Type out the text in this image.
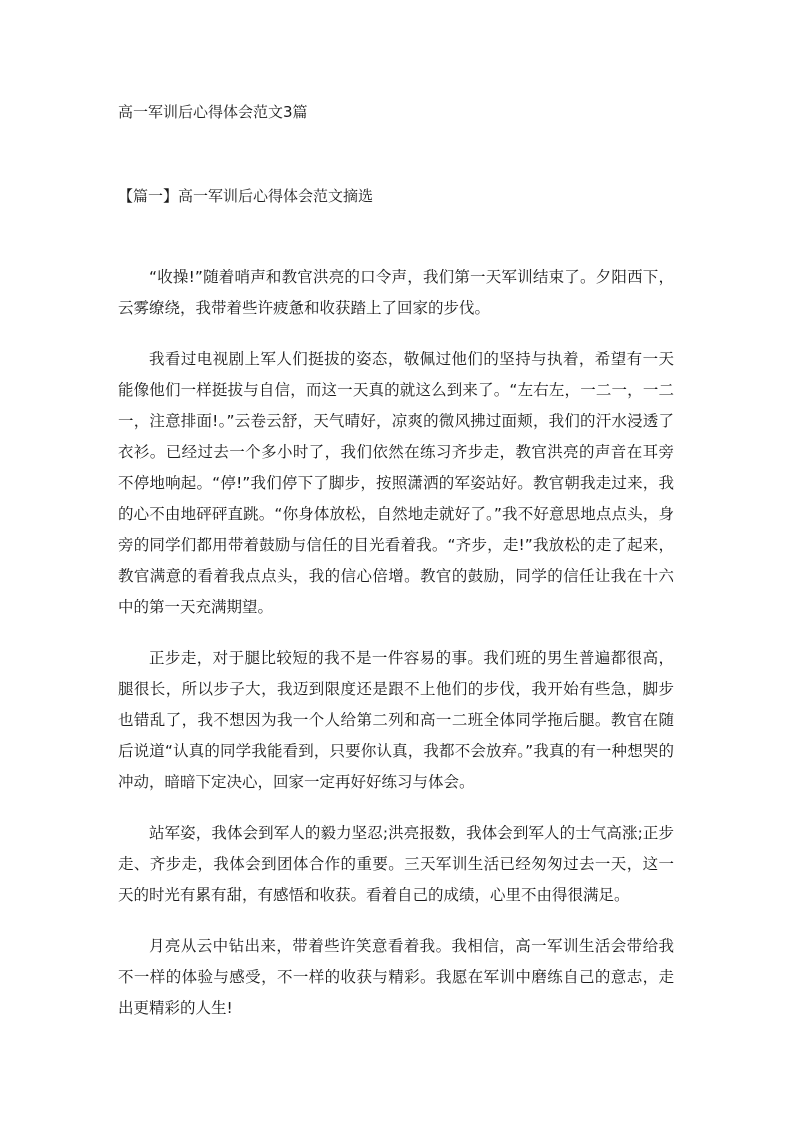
高一军训后心得体会范文3篇
【篇一】高一军训后心得体会范文摘选

“收操!”随着哨声和教官洪亮的口令声，我们第一天军训结束了。夕阳西下，云雾缭绕，我带着些许疲惫和收获踏上了回家的步伐。

我看过电视剧上军人们挺拔的姿态，敬佩过他们的坚持与执着，希望有一天能像他们一样挺拔与自信，而这一天真的就这么到来了。“左右左，一二一，一二一，注意排面!。”云卷云舒，天气晴好，凉爽的微风拂过面颊，我们的汗水浸透了衣衫。已经过去一个多小时了，我们依然在练习齐步走，教官洪亮的声音在耳旁不停地响起。“停!”我们停下了脚步，按照潇洒的军姿站好。教官朝我走过来，我的心不由地砰砰直跳。“你身体放松，自然地走就好了。”我不好意思地点点头，身旁的同学们都用带着鼓励与信任的目光看着我。“齐步，走!”我放松的走了起来，教官满意的看着我点点头，我的信心倍增。教官的鼓励，同学的信任让我在十六中的第一天充满期望。

正步走，对于腿比较短的我不是一件容易的事。我们班的男生普遍都很高，腿很长，所以步子大，我迈到限度还是跟不上他们的步伐，我开始有些急，脚步也错乱了，我不想因为我一个人给第二列和高一二班全体同学拖后腿。教官在随后说道“认真的同学我能看到，只要你认真，我都不会放弃。”我真的有一种想哭的冲动，暗暗下定决心，回家一定再好好练习与体会。

站军姿，我体会到军人的毅力坚忍;洪亮报数，我体会到军人的士气高涨;正步走、齐步走，我体会到团体合作的重要。三天军训生活已经匆匆过去一天，这一天的时光有累有甜，有感悟和收获。看着自己的成绩，心里不由得很满足。

月亮从云中钻出来，带着些许笑意看着我。我相信，高一军训生活会带给我不一样的体验与感受，不一样的收获与精彩。我愿在军训中磨练自己的意志，走出更精彩的人生!
